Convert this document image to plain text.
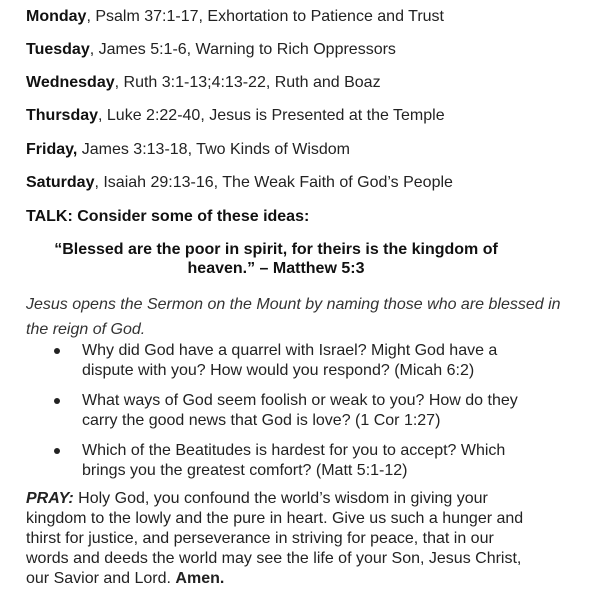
Monday, Psalm 37:1-17, Exhortation to Patience and Trust
Tuesday, James 5:1-6, Warning to Rich Oppressors
Wednesday, Ruth 3:1-13;4:13-22, Ruth and Boaz
Thursday, Luke 2:22-40, Jesus is Presented at the Temple
Friday, James 3:13-18, Two Kinds of Wisdom
Saturday, Isaiah 29:13-16, The Weak Faith of God’s People
TALK: Consider some of these ideas:
“Blessed are the poor in spirit, for theirs is the kingdom of
heaven.” – Matthew 5:3
Jesus opens the Sermon on the Mount by naming those who are blessed in the reign of God.
Why did God have a quarrel with Israel? Might God have a
dispute with you? How would you respond? (Micah 6:2)
What ways of God seem foolish or weak to you? How do they
carry the good news that God is love? (1 Cor 1:27)
Which of the Beatitudes is hardest for you to accept? Which
brings you the greatest comfort? (Matt 5:1-12)
PRAY: Holy God, you confound the world’s wisdom in giving your
kingdom to the lowly and the pure in heart. Give us such a hunger and
thirst for justice, and perseverance in striving for peace, that in our
words and deeds the world may see the life of your Son, Jesus Christ,
our Savior and Lord. Amen.
